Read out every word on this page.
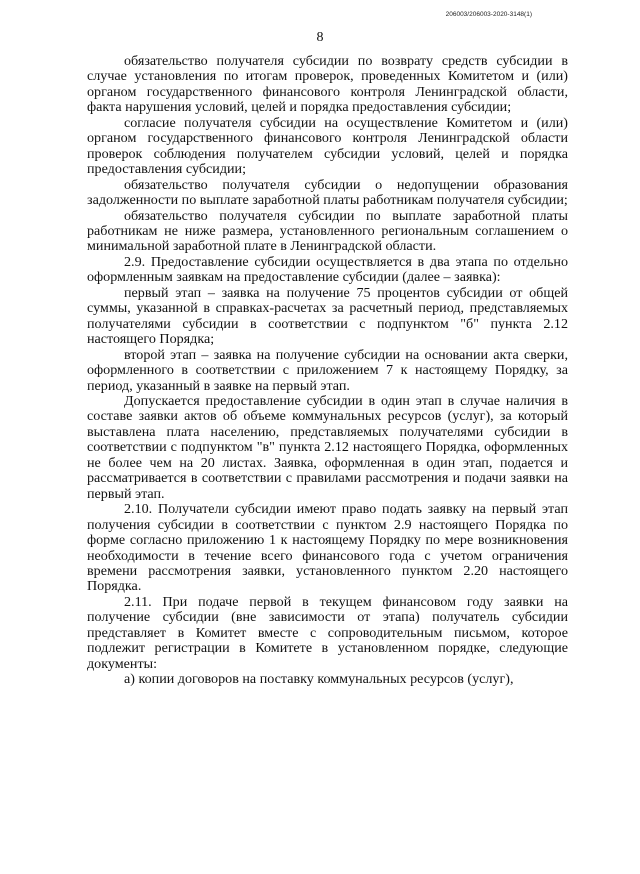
206003/206003-2020-3148(1)
8

обязательство получателя субсидии по возврату средств субсидии в случае установления по итогам проверок, проведенных Комитетом и (или) органом государственного финансового контроля Ленинградской области, факта нарушения условий, целей и порядка предоставления субсидии;

согласие получателя субсидии на осуществление Комитетом и (или) органом государственного финансового контроля Ленинградской области проверок соблюдения получателем субсидии условий, целей и порядка предоставления субсидии;

обязательство получателя субсидии о недопущении образования задолженности по выплате заработной платы работникам получателя субсидии;

обязательство получателя субсидии по выплате заработной платы работникам не ниже размера, установленного региональным соглашением о минимальной заработной плате в Ленинградской области.

2.9. Предоставление субсидии осуществляется в два этапа по отдельно оформленным заявкам на предоставление субсидии (далее – заявка):

первый этап – заявка на получение 75 процентов субсидии от общей суммы, указанной в справках-расчетах за расчетный период, представляемых получателями субсидии в соответствии с подпунктом "б" пункта 2.12 настоящего Порядка;

второй этап – заявка на получение субсидии на основании акта сверки, оформленного в соответствии с приложением 7 к настоящему Порядку, за период, указанный в заявке на первый этап.

Допускается предоставление субсидии в один этап в случае наличия в составе заявки актов об объеме коммунальных ресурсов (услуг), за который выставлена плата населению, представляемых получателями субсидии в соответствии с подпунктом "в" пункта 2.12 настоящего Порядка, оформленных не более чем на 20 листах. Заявка, оформленная в один этап, подается и рассматривается в соответствии с правилами рассмотрения и подачи заявки на первый этап.

2.10. Получатели субсидии имеют право подать заявку на первый этап получения субсидии в соответствии с пунктом 2.9 настоящего Порядка по форме согласно приложению 1 к настоящему Порядку по мере возникновения необходимости в течение всего финансового года с учетом ограничения времени рассмотрения заявки, установленного пунктом 2.20 настоящего Порядка.

2.11. При подаче первой в текущем финансовом году заявки на получение субсидии (вне зависимости от этапа) получатель субсидии представляет в Комитет вместе с сопроводительным письмом, которое подлежит регистрации в Комитете в установленном порядке, следующие документы:

а) копии договоров на поставку коммунальных ресурсов (услуг),
